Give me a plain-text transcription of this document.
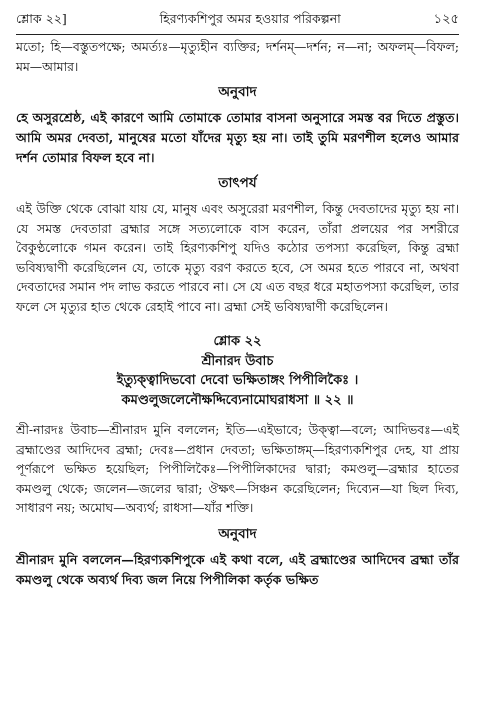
শ্লোক ২২]	হিরণ্যকশিপুর অমর হওয়ার পরিকল্পনা	১২৫

মতো; হি—বস্তুতপক্ষে; অমর্ত্যঃ—মৃত্যুহীন ব্যক্তির; দর্শনম্—দর্শন; ন—না; অফলম্—বিফল; মম—আমার।

অনুবাদ

হে অসুরশ্রেষ্ঠ, এই কারণে আমি তোমাকে তোমার বাসনা অনুসারে সমস্ত বর দিতে প্রস্তুত। আমি অমর দেবতা, মানুষের মতো যাঁদের মৃত্যু হয় না। তাই তুমি মরণশীল হলেও আমার দর্শন তোমার বিফল হবে না।

তাৎপর্য

এই উক্তি থেকে বোঝা যায় যে, মানুষ এবং অসুরেরা মরণশীল, কিন্তু দেবতাদের মৃত্যু হয় না। যে সমস্ত দেবতারা ব্রহ্মার সঙ্গে সত্যলোকে বাস করেন, তাঁরা প্রলয়ের পর সশরীরে বৈকুণ্ঠলোকে গমন করেন। তাই হিরণ্যকশিপু যদিও কঠোর তপস্যা করেছিল, কিন্তু ব্রহ্মা ভবিষ্যদ্বাণী করেছিলেন যে, তাকে মৃত্যু বরণ করতে হবে, সে অমর হতে পারবে না, অথবা দেবতাদের সমান পদ লাভ করতে পারবে না। সে যে এত বছর ধরে মহাতপস্যা করেছিল, তার ফলে সে মৃত্যুর হাত থেকে রেহাই পাবে না। ব্রহ্মা সেই ভবিষ্যদ্বাণী করেছিলেন।

শ্লোক ২২

শ্রীনারদ উবাচ

ইত্যুক্ত্বাদিভবো দেবো ভক্ষিতাঙ্গং পিপীলিকৈঃ ।

কমণ্ডলুজলেনৌক্ষদ্দিব্যেনামোঘরাধসা ॥ ২২ ॥

শ্রী-নারদঃ উবাচ—শ্রীনারদ মুনি বললেন; ইতি—এইভাবে; উক্ত্বা—বলে; আদিভবঃ—এই ব্রহ্মাণ্ডের আদিদেব ব্রহ্মা; দেবঃ—প্রধান দেবতা; ভক্ষিতাঙ্গম্—হিরণ্যকশিপুর দেহ, যা প্রায় পূর্ণরূপে ভক্ষিত হয়েছিল; পিপীলিকৈঃ—পিপীলিকাদের দ্বারা; কমণ্ডলু—ব্রহ্মার হাতের কমণ্ডলু থেকে; জলেন—জলের দ্বারা; ঔক্ষৎ—সিঞ্চন করেছিলেন; দিব্যেন—যা ছিল দিব্য, সাধারণ নয়; অমোঘ—অব্যর্থ; রাধসা—যাঁর শক্তি।

অনুবাদ

শ্রীনারদ মুনি বললেন—হিরণ্যকশিপুকে এই কথা বলে, এই ব্রহ্মাণ্ডের আদিদেব ব্রহ্মা তাঁর কমণ্ডলু থেকে অব্যর্থ দিব্য জল নিয়ে পিপীলিকা কর্তৃক ভক্ষিত
